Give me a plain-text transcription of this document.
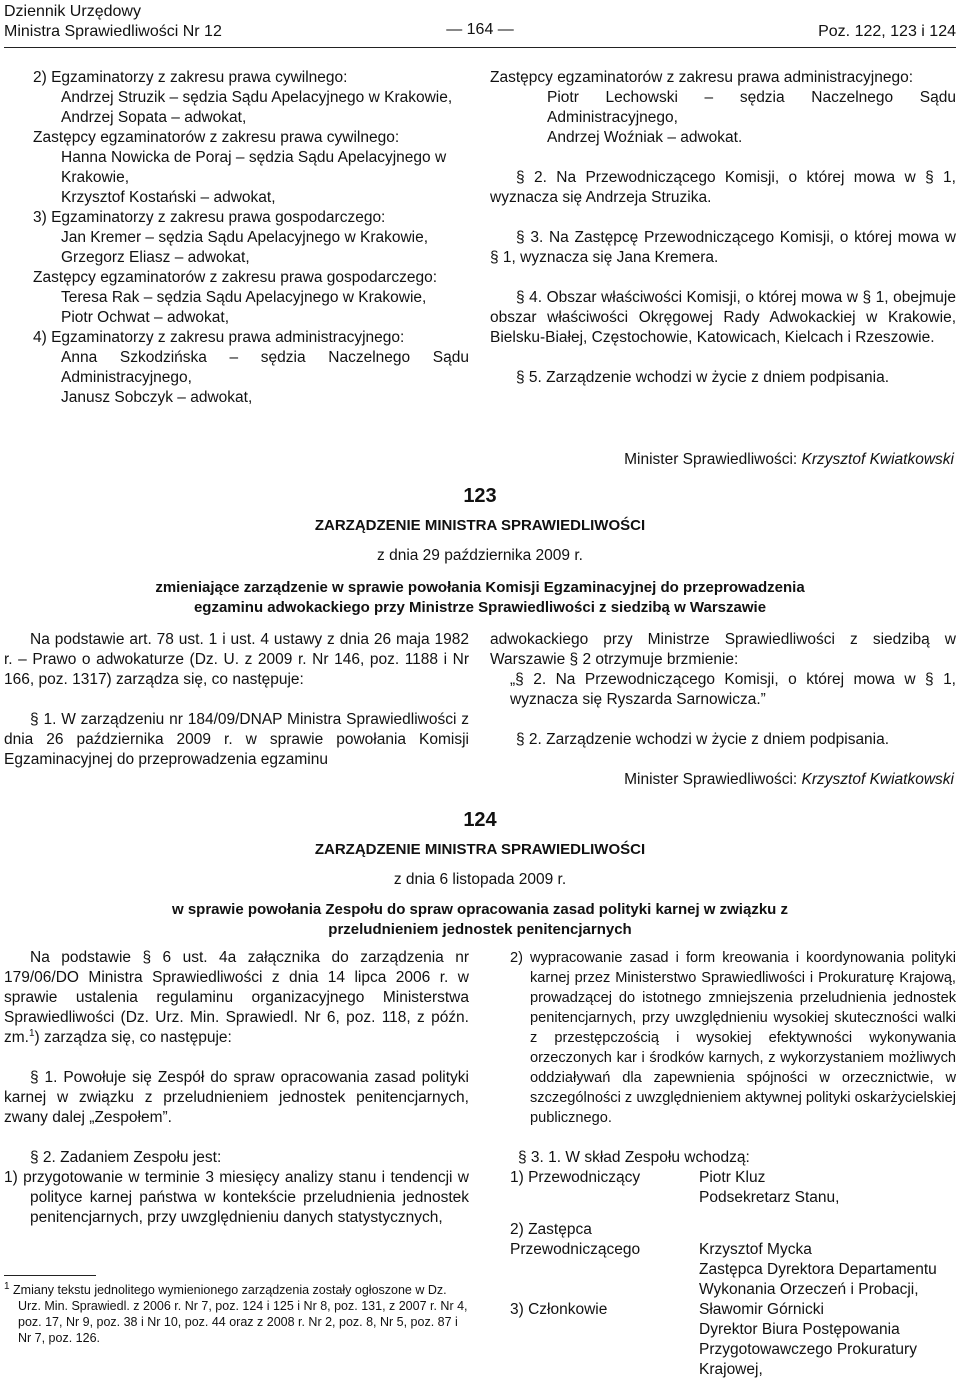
Dziennik Urzędowy
Ministra Sprawiedliwości Nr 12	— 164 —	Poz. 122, 123 i 124

2) Egzaminatorzy z zakresu prawa cywilnego:

Andrzej Struzik – sędzia Sądu Apelacyjnego w Krakowie,

Andrzej Sopata – adwokat,

Zastępcy egzaminatorów z zakresu prawa cywilnego:

Hanna Nowicka de Poraj – sędzia Sądu Apelacyjnego w Krakowie,

Krzysztof Kostański – adwokat,

3) Egzaminatorzy z zakresu prawa gospodarczego:

Jan Kremer – sędzia Sądu Apelacyjnego w Krakowie,

Grzegorz Eliasz – adwokat,

Zastępcy egzaminatorów z zakresu prawa gospodarczego:

Teresa Rak – sędzia Sądu Apelacyjnego w Krakowie,

Piotr Ochwat – adwokat,

4) Egzaminatorzy z zakresu prawa administracyjnego:

Anna Szkodzińska – sędzia Naczelnego Sądu Administracyjnego,

Janusz Sobczyk – adwokat,

Zastępcy egzaminatorów z zakresu prawa administracyjnego:

Piotr Lechowski – sędzia Naczelnego Sądu Administracyjnego,

Andrzej Woźniak – adwokat.

§ 2. Na Przewodniczącego Komisji, o której mowa w § 1, wyznacza się Andrzeja Struzika.

§ 3. Na Zastępcę Przewodniczącego Komisji, o której mowa w § 1, wyznacza się Jana Kremera.

§ 4. Obszar właściwości Komisji, o której mowa w § 1, obejmuje obszar właściwości Okręgowej Rady Adwokackiej w Krakowie, Bielsku-Białej, Częstochowie, Katowicach, Kielcach i Rzeszowie.

§ 5. Zarządzenie wchodzi w życie z dniem podpisania.

Minister Sprawiedliwości: Krzysztof Kwiatkowski
123
ZARZĄDZENIE MINISTRA SPRAWIEDLIWOŚCI
z dnia 29 października 2009 r.
zmieniające zarządzenie w sprawie powołania Komisji Egzaminacyjnej do przeprowadzenia egzaminu adwokackiego przy Ministrze Sprawiedliwości z siedzibą w Warszawie

Na podstawie art. 78 ust. 1 i ust. 4 ustawy z dnia 26 maja 1982 r. – Prawo o adwokaturze (Dz. U. z 2009 r. Nr 146, poz. 1188 i Nr 166, poz. 1317) zarządza się, co następuje:

§ 1. W zarządzeniu nr 184/09/DNAP Ministra Sprawiedliwości z dnia 26 października 2009 r. w sprawie powołania Komisji Egzaminacyjnej do przeprowadzenia egzaminu

adwokackiego przy Ministrze Sprawiedliwości z siedzibą w Warszawie § 2 otrzymuje brzmienie:

„§ 2. Na Przewodniczącego Komisji, o której mowa w § 1, wyznacza się Ryszarda Sarnowicza.”

§ 2. Zarządzenie wchodzi w życie z dniem podpisania.

Minister Sprawiedliwości: Krzysztof Kwiatkowski
124
ZARZĄDZENIE MINISTRA SPRAWIEDLIWOŚCI
z dnia 6 listopada 2009 r.
w sprawie powołania Zespołu do spraw opracowania zasad polityki karnej w związku z przeludnieniem jednostek penitencjarnych

Na podstawie § 6 ust. 4a załącznika do zarządzenia nr 179/06/DO Ministra Sprawiedliwości z dnia 14 lipca 2006 r. w sprawie ustalenia regulaminu organizacyjnego Ministerstwa Sprawiedliwości (Dz. Urz. Min. Sprawiedl. Nr 6, poz. 118, z późn. zm.$^1$) zarządza się, co następuje:

§ 1. Powołuje się Zespół do spraw opracowania zasad polityki karnej w związku z przeludnieniem jednostek penitencjarnych, zwany dalej „Zespołem”.

§ 2. Zadaniem Zespołu jest:

1) przygotowanie w terminie 3 miesięcy analizy stanu i tendencji w polityce karnej państwa w kontekście przeludnienia jednostek penitencjarnych, przy uwzględnieniu danych statystycznych,

$^1$ Zmiany tekstu jednolitego wymienionego zarządzenia zostały ogłoszone w Dz. Urz. Min. Sprawiedl. z 2006 r. Nr 7, poz. 124 i 125 i Nr 8, poz. 131, z 2007 r. Nr 4, poz. 17, Nr 9, poz. 38 i Nr 10, poz. 44 oraz z 2008 r. Nr 2, poz. 8, Nr 5, poz. 87 i Nr 7, poz. 126.

2) wypracowanie zasad i form kreowania i koordynowania polityki karnej przez Ministerstwo Sprawiedliwości i Prokuraturę Krajową, prowadzącej do istotnego zmniejszenia przeludnienia jednostek penitencjarnych, przy uwzględnieniu wysokiej skuteczności walki z przestępczością i wysokiej efektywności wykonywania orzeczonych kar i środków karnych, z wykorzystaniem możliwych oddziaływań dla zapewnienia spójności w orzecznictwie, w szczególności z uwzględnieniem aktywnej polityki oskarżycielskiej publicznego.

§ 3. 1. W skład Zespołu wchodzą:

1) Przewodniczący	Piotr Kluz
Podsekretarz Stanu,

2) Zastępca Przewodniczącego	Krzysztof Mycka
Zastępca Dyrektora Departamentu Wykonania Orzeczeń i Probacji,

3) Członkowie	Sławomir Górnicki
Dyrektor Biura Postępowania Przygotowawczego Prokuratury Krajowej,
